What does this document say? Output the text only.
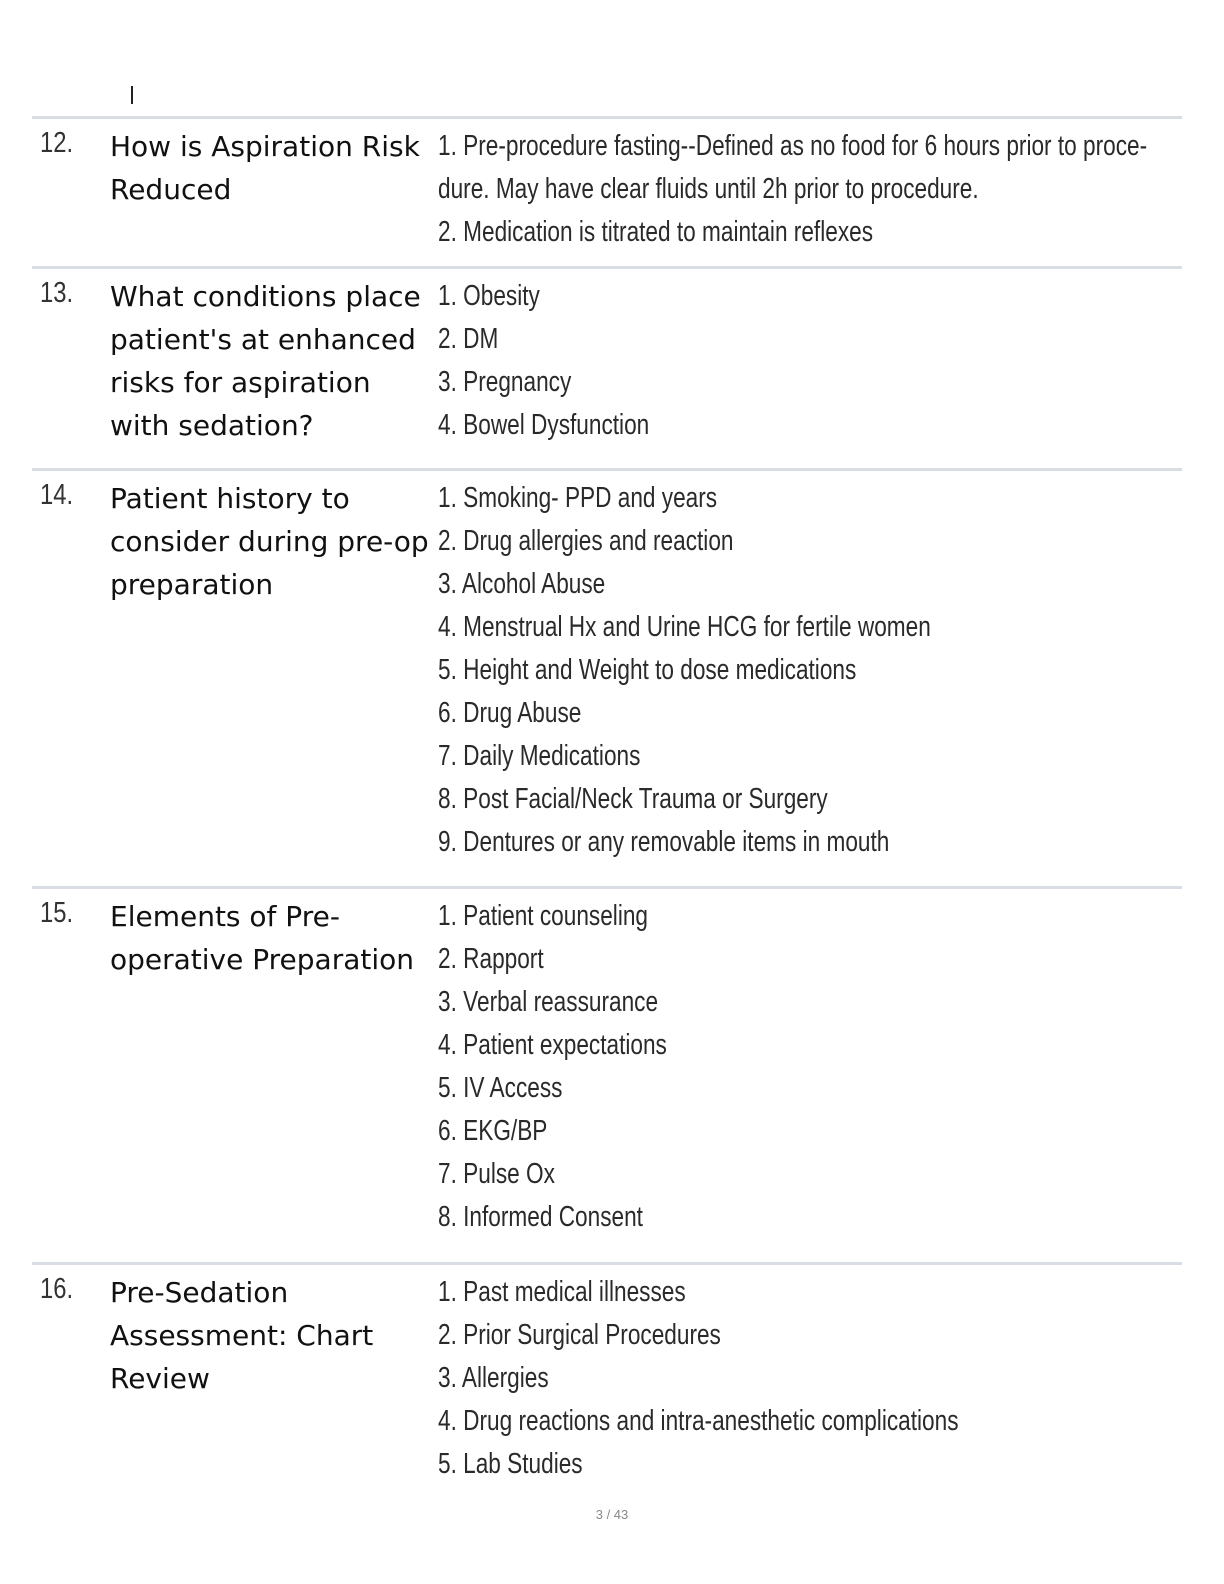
12. How is Aspiration Risk Reduced
1. Pre-procedure fasting--Defined as no food for 6 hours prior to proce-
dure. May have clear fluids until 2h prior to procedure.
2. Medication is titrated to maintain reflexes
13. What conditions place patient's at enhanced risks for aspiration with sedation?
1. Obesity
2. DM
3. Pregnancy
4. Bowel Dysfunction
14. Patient history to consider during pre-op preparation
1. Smoking- PPD and years
2. Drug allergies and reaction
3. Alcohol Abuse
4. Menstrual Hx and Urine HCG for fertile women
5. Height and Weight to dose medications
6. Drug Abuse
7. Daily Medications
8. Post Facial/Neck Trauma or Surgery
9. Dentures or any removable items in mouth
15. Elements of Pre-operative Preparation
1. Patient counseling
2. Rapport
3. Verbal reassurance
4. Patient expectations
5. IV Access
6. EKG/BP
7. Pulse Ox
8. Informed Consent
16. Pre-Sedation Assessment: Chart Review
1. Past medical illnesses
2. Prior Surgical Procedures
3. Allergies
4. Drug reactions and intra-anesthetic complications
5. Lab Studies
3 / 43
